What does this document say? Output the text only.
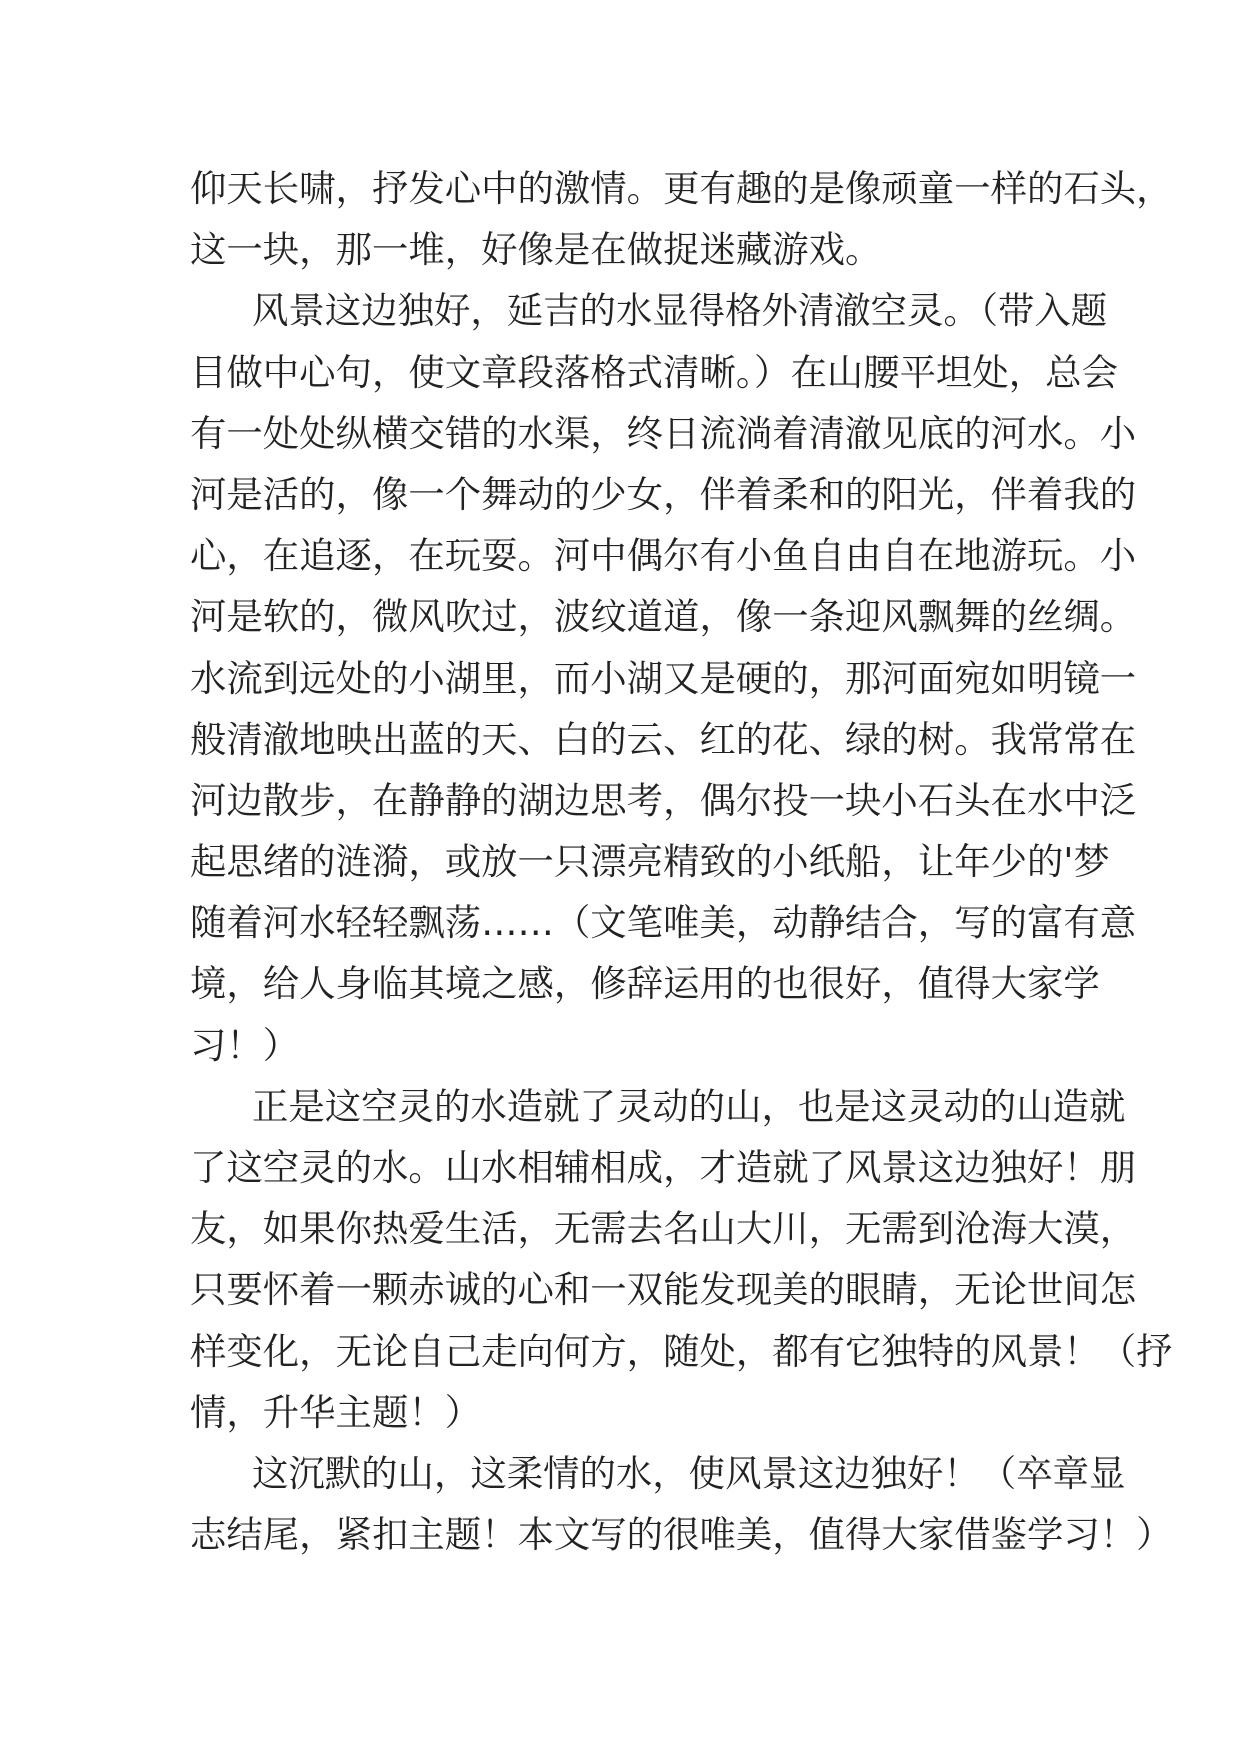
仰天长啸，抒发心中的激情。更有趣的是像顽童一样的石头，
这一块，那一堆，好像是在做捉迷藏游戏。
风景这边独好，延吉的水显得格外清澈空灵。（带入题
目做中心句，使文章段落格式清晰。）在山腰平坦处，总会
有一处处纵横交错的水渠，终日流淌着清澈见底的河水。小
河是活的，像一个舞动的少女，伴着柔和的阳光，伴着我的
心，在追逐，在玩耍。河中偶尔有小鱼自由自在地游玩。小
河是软的，微风吹过，波纹道道，像一条迎风飘舞的丝绸。
水流到远处的小湖里，而小湖又是硬的，那河面宛如明镜一
般清澈地映出蓝的天、白的云、红的花、绿的树。我常常在
河边散步，在静静的湖边思考，偶尔投一块小石头在水中泛
起思绪的涟漪，或放一只漂亮精致的小纸船，让年少的'梦
随着河水轻轻飘荡……（文笔唯美，动静结合，写的富有意
境，给人身临其境之感，修辞运用的也很好，值得大家学
习！）
正是这空灵的水造就了灵动的山，也是这灵动的山造就
了这空灵的水。山水相辅相成，才造就了风景这边独好！朋
友，如果你热爱生活，无需去名山大川，无需到沧海大漠，
只要怀着一颗赤诚的心和一双能发现美的眼睛，无论世间怎
样变化，无论自己走向何方，随处，都有它独特的风景！（抒
情，升华主题！）
这沉默的山，这柔情的水，使风景这边独好！（卒章显
志结尾，紧扣主题！本文写的很唯美，值得大家借鉴学习！）
